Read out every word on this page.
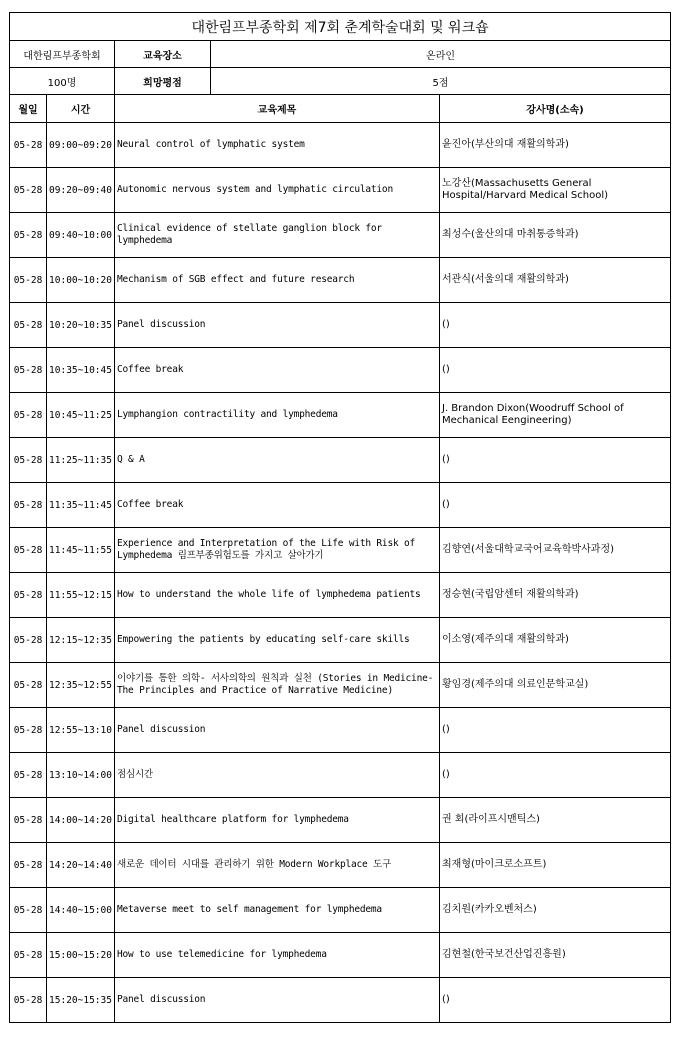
대한림프부종학회 제7회 춘계학술대회 및 워크숍				
대한림프부종학회		교육장소	온라인	
100명		희망평점	5점	
월일	시간	교육제목		강사명(소속)
05-28	09:00~09:20	Neural control of lymphatic system		윤진아(부산의대 재활의학과)
05-28	09:20~09:40	Autonomic nervous system and lymphatic circulation		노강산(Massachusetts General Hospital/Harvard Medical School)
05-28	09:40~10:00	Clinical evidence of stellate ganglion block for lymphedema		최성수(울산의대 마취통증학과)
05-28	10:00~10:20	Mechanism of SGB effect and future research		서관식(서울의대 재활의학과)
05-28	10:20~10:35	Panel discussion		()
05-28	10:35~10:45	Coffee break		()
05-28	10:45~11:25	Lymphangion contractility and lymphedema		J. Brandon Dixon(Woodruff School of Mechanical Eengineering)
05-28	11:25~11:35	Q & A		()
05-28	11:35~11:45	Coffee break		()
05-28	11:45~11:55	Experience and Interpretation of the Life with Risk of Lymphedema 림프부종위험도를 가지고 살아가기		김향연(서울대학교국어교육학박사과정)
05-28	11:55~12:15	How to understand the whole life of lymphedema patients		정승현(국립암센터 재활의학과)
05-28	12:15~12:35	Empowering the patients by educating self-care skills		이소영(제주의대 재활의학과)
05-28	12:35~12:55	이야기를 통한 의학- 서사의학의 원칙과 실천 (Stories in Medicine- The Principles and Practice of Narrative Medicine)		황임경(제주의대 의료인문학교실)
05-28	12:55~13:10	Panel discussion		()
05-28	13:10~14:00	점심시간		()
05-28	14:00~14:20	Digital healthcare platform for lymphedema		권 회(라이프시맨틱스)
05-28	14:20~14:40	새로운 데이터 시대를 관리하기 위한 Modern Workplace 도구		최재형(마이크로소프트)
05-28	14:40~15:00	Metaverse meet to self management for lymphedema		김치원(카카오벤처스)
05-28	15:00~15:20	How to use telemedicine for lymphedema		김현철(한국보건산업진흥원)
05-28	15:20~15:35	Panel discussion		()
